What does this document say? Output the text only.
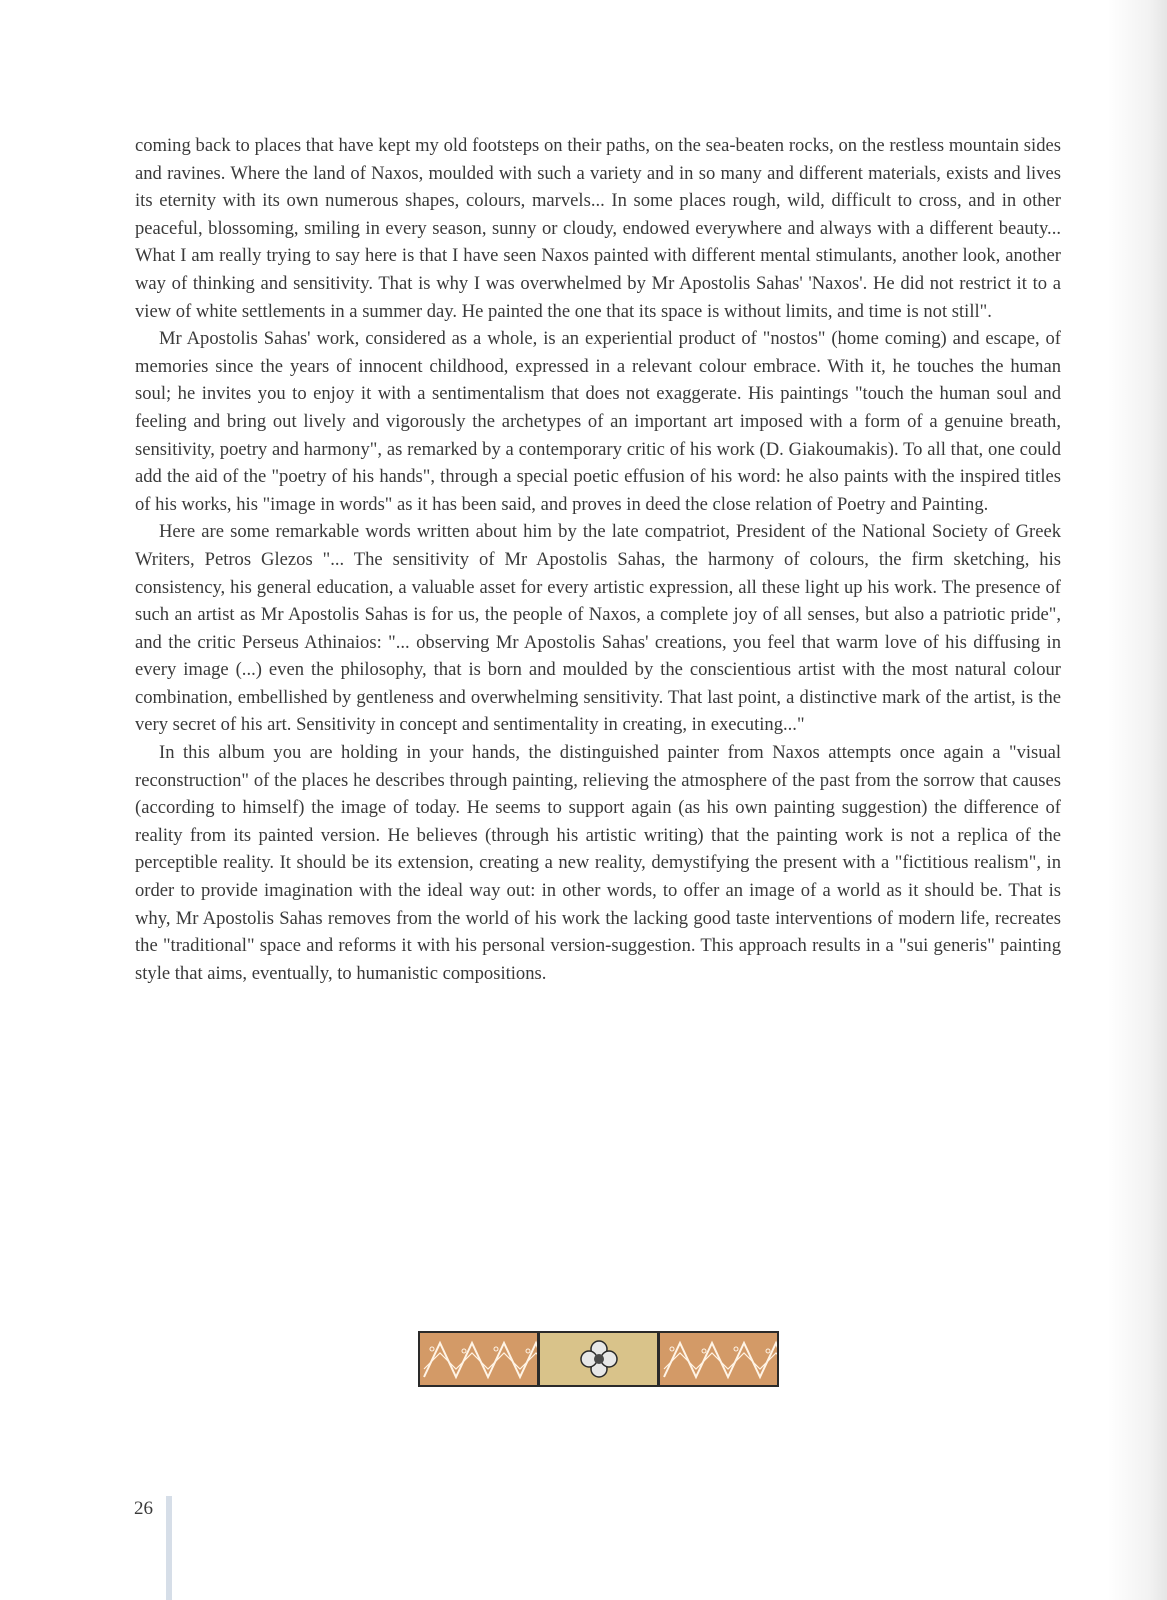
coming back to places that have kept my old footsteps on their paths, on the sea-beaten rocks, on the restless mountain sides and ravines. Where the land of Naxos, moulded with such a variety and in so many and different materials, exists and lives its eternity with its own numerous shapes, colours, marvels... In some places rough, wild, difficult to cross, and in other peaceful, blossoming, smiling in every season, sunny or cloudy, endowed everywhere and always with a different beauty... What I am really trying to say here is that I have seen Naxos painted with different mental stimulants, another look, another way of thinking and sensitivity. That is why I was overwhelmed by Mr Apostolis Sahas' 'Naxos'. He did not restrict it to a view of white settlements in a summer day. He painted the one that its space is without limits, and time is not still".

Mr Apostolis Sahas' work, considered as a whole, is an experiential product of "nostos" (home coming) and escape, of memories since the years of innocent childhood, expressed in a relevant colour embrace. With it, he touches the human soul; he invites you to enjoy it with a sentimentalism that does not exaggerate. His paintings "touch the human soul and feeling and bring out lively and vigorously the archetypes of an important art imposed with a form of a genuine breath, sensitivity, poetry and harmony", as remarked by a contemporary critic of his work (D. Giakoumakis). To all that, one could add the aid of the "poetry of his hands", through a special poetic effusion of his word: he also paints with the inspired titles of his works, his "image in words" as it has been said, and proves in deed the close relation of Poetry and Painting.

Here are some remarkable words written about him by the late compatriot, President of the National Society of Greek Writers, Petros Glezos "... The sensitivity of Mr Apostolis Sahas, the harmony of colours, the firm sketching, his consistency, his general education, a valuable asset for every artistic expression, all these light up his work. The presence of such an artist as Mr Apostolis Sahas is for us, the people of Naxos, a complete joy of all senses, but also a patriotic pride", and the critic Perseus Athinaios: "... observing Mr Apostolis Sahas' creations, you feel that warm love of his diffusing in every image (...) even the philosophy, that is born and moulded by the conscientious artist with the most natural colour combination, embellished by gentleness and overwhelming sensitivity. That last point, a distinctive mark of the artist, is the very secret of his art. Sensitivity in concept and sentimentality in creating, in executing..."

In this album you are holding in your hands, the distinguished painter from Naxos attempts once again a "visual reconstruction" of the places he describes through painting, relieving the atmosphere of the past from the sorrow that causes (according to himself) the image of today. He seems to support again (as his own painting suggestion) the difference of reality from its painted version. He believes (through his artistic writing) that the painting work is not a replica of the perceptible reality. It should be its extension, creating a new reality, demystifying the present with a "fictitious realism", in order to provide imagination with the ideal way out: in other words, to offer an image of a world as it should be. That is why, Mr Apostolis Sahas removes from the world of his work the lacking good taste interventions of modern life, recreates the "traditional" space and reforms it with his personal version-suggestion. This approach results in a "sui generis" painting style that aims, eventually, to humanistic compositions.

26
